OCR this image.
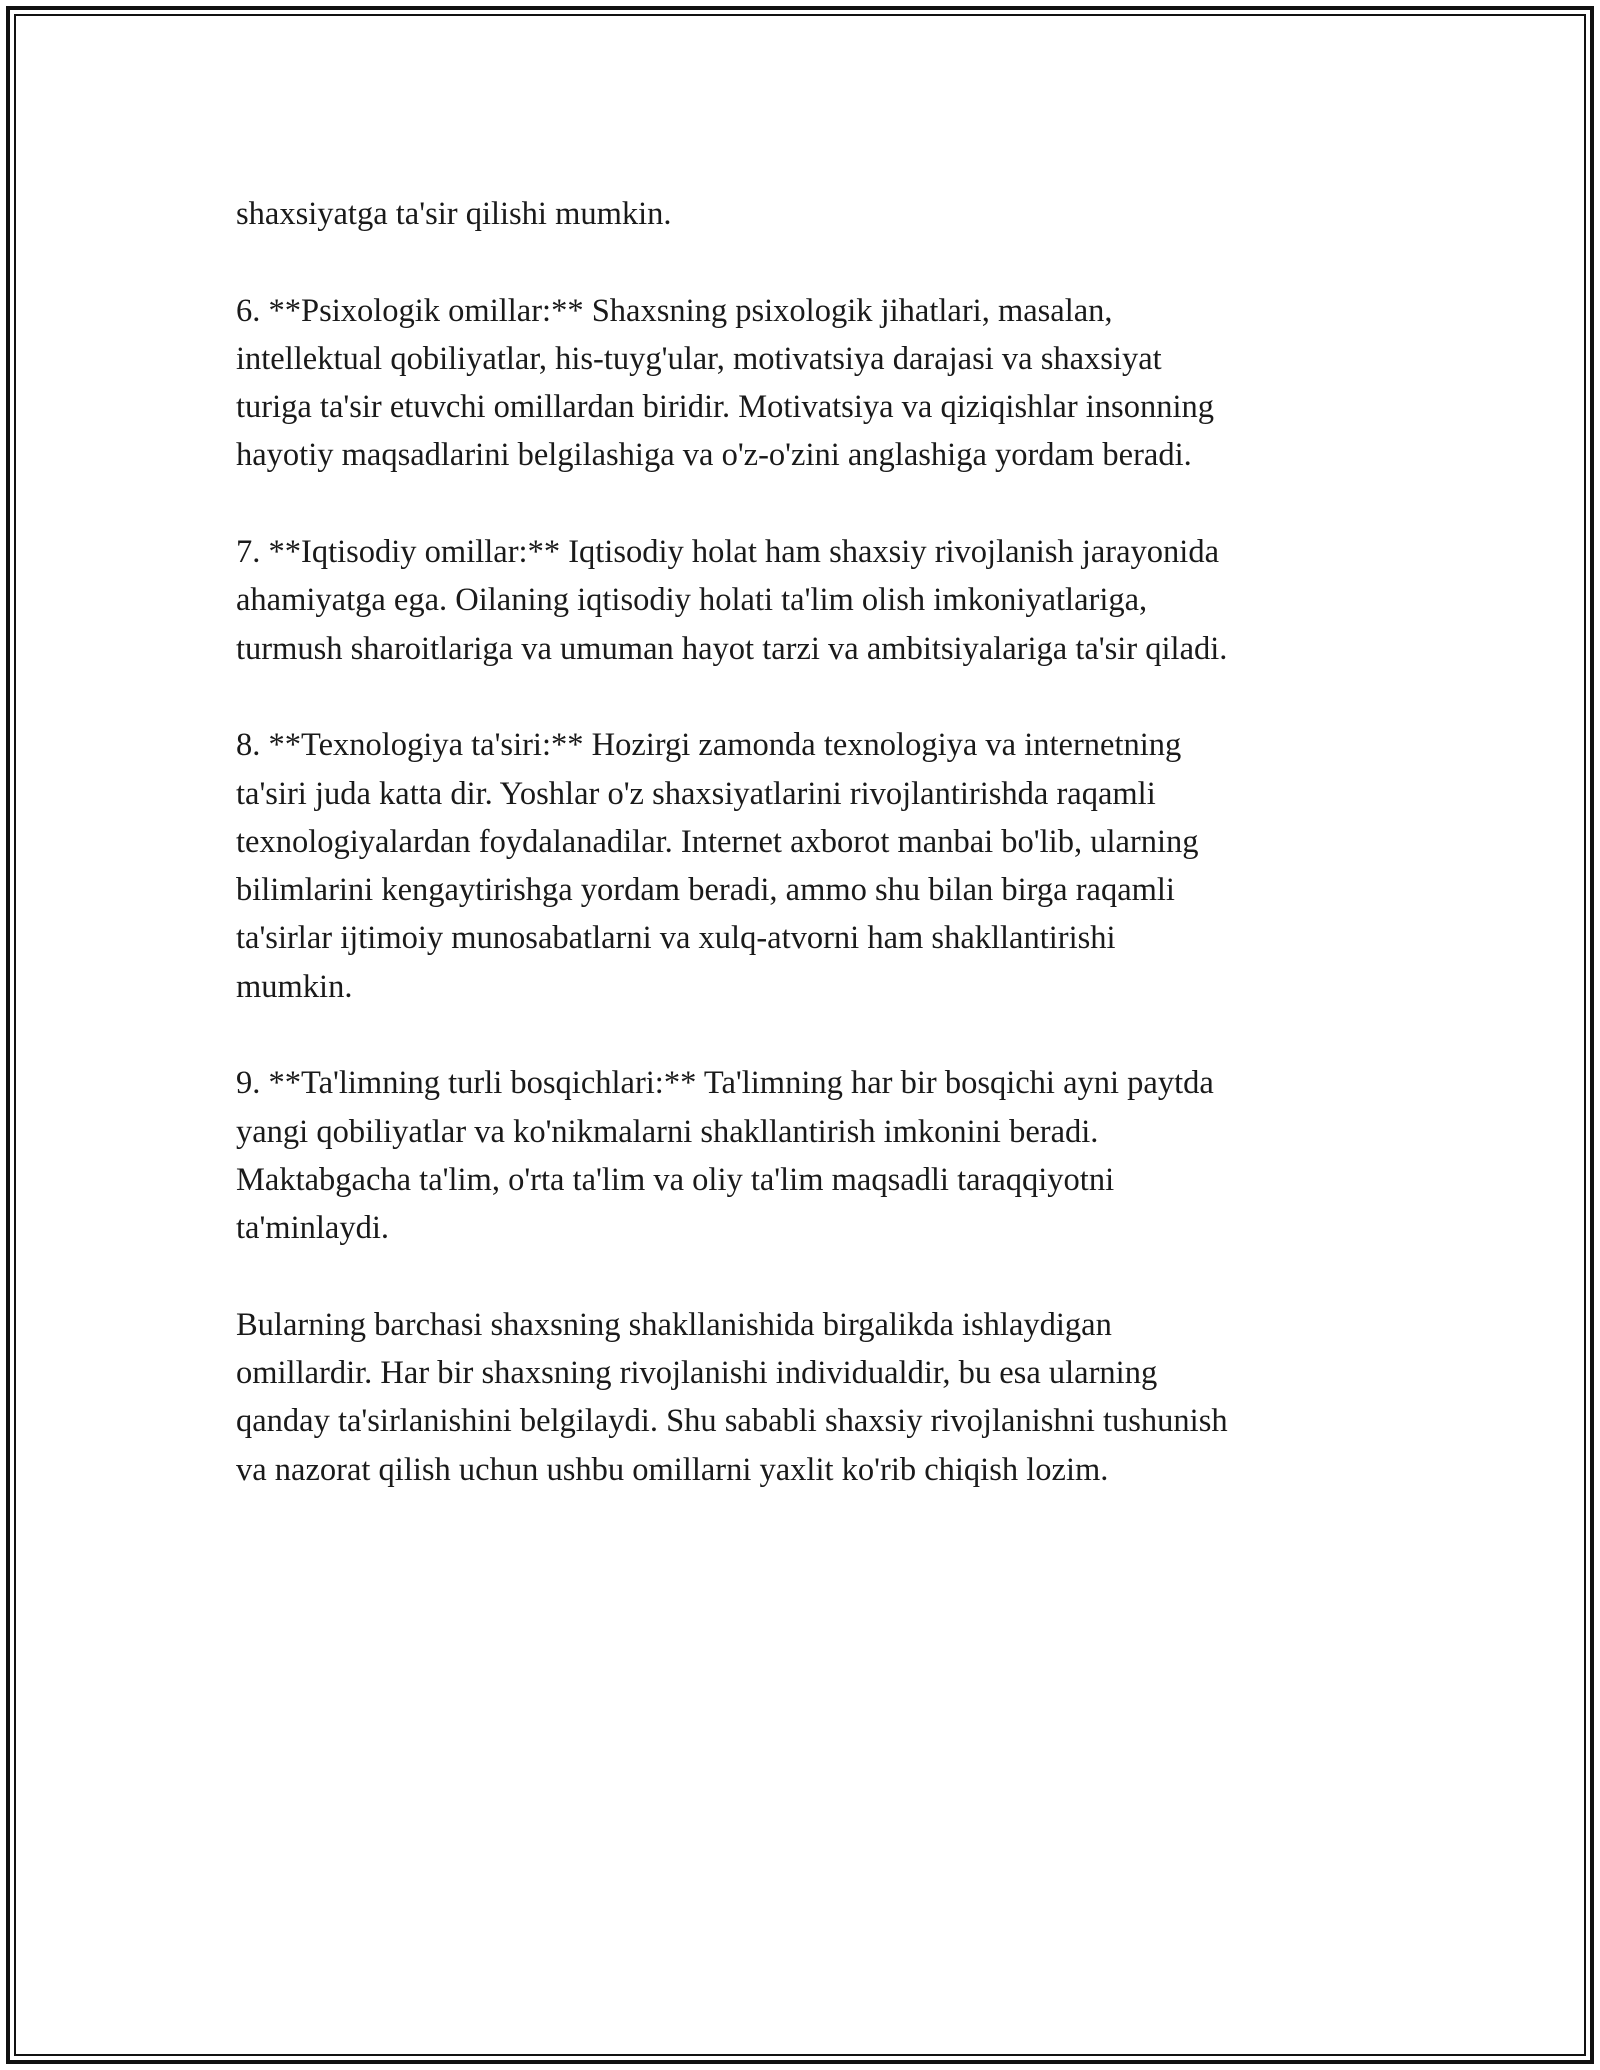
shaxsiyatga ta'sir qilishi mumkin.

6. **Psixologik omillar:** Shaxsning psixologik jihatlari, masalan,
intellektual qobiliyatlar, his-tuyg'ular, motivatsiya darajasi va shaxsiyat
turiga ta'sir etuvchi omillardan biridir. Motivatsiya va qiziqishlar insonning
hayotiy maqsadlarini belgilashiga va o'z-o'zini anglashiga yordam beradi.

7. **Iqtisodiy omillar:** Iqtisodiy holat ham shaxsiy rivojlanish jarayonida
ahamiyatga ega. Oilaning iqtisodiy holati ta'lim olish imkoniyatlariga,
turmush sharoitlariga va umuman hayot tarzi va ambitsiyalariga ta'sir qiladi.

8. **Texnologiya ta'siri:** Hozirgi zamonda texnologiya va internetning
ta'siri juda katta dir. Yoshlar o'z shaxsiyatlarini rivojlantirishda raqamli
texnologiyalardan foydalanadilar. Internet axborot manbai bo'lib, ularning
bilimlarini kengaytirishga yordam beradi, ammo shu bilan birga raqamli
ta'sirlar ijtimoiy munosabatlarni va xulq-atvorni ham shakllantirishi
mumkin.

9. **Ta'limning turli bosqichlari:** Ta'limning har bir bosqichi ayni paytda
yangi qobiliyatlar va ko'nikmalarni shakllantirish imkonini beradi.
Maktabgacha ta'lim, o'rta ta'lim va oliy ta'lim maqsadli taraqqiyotni
ta'minlaydi.

Bularning barchasi shaxsning shakllanishida birgalikda ishlaydigan
omillardir. Har bir shaxsning rivojlanishi individualdir, bu esa ularning
qanday ta'sirlanishini belgilaydi. Shu sababli shaxsiy rivojlanishni tushunish
va nazorat qilish uchun ushbu omillarni yaxlit ko'rib chiqish lozim.
